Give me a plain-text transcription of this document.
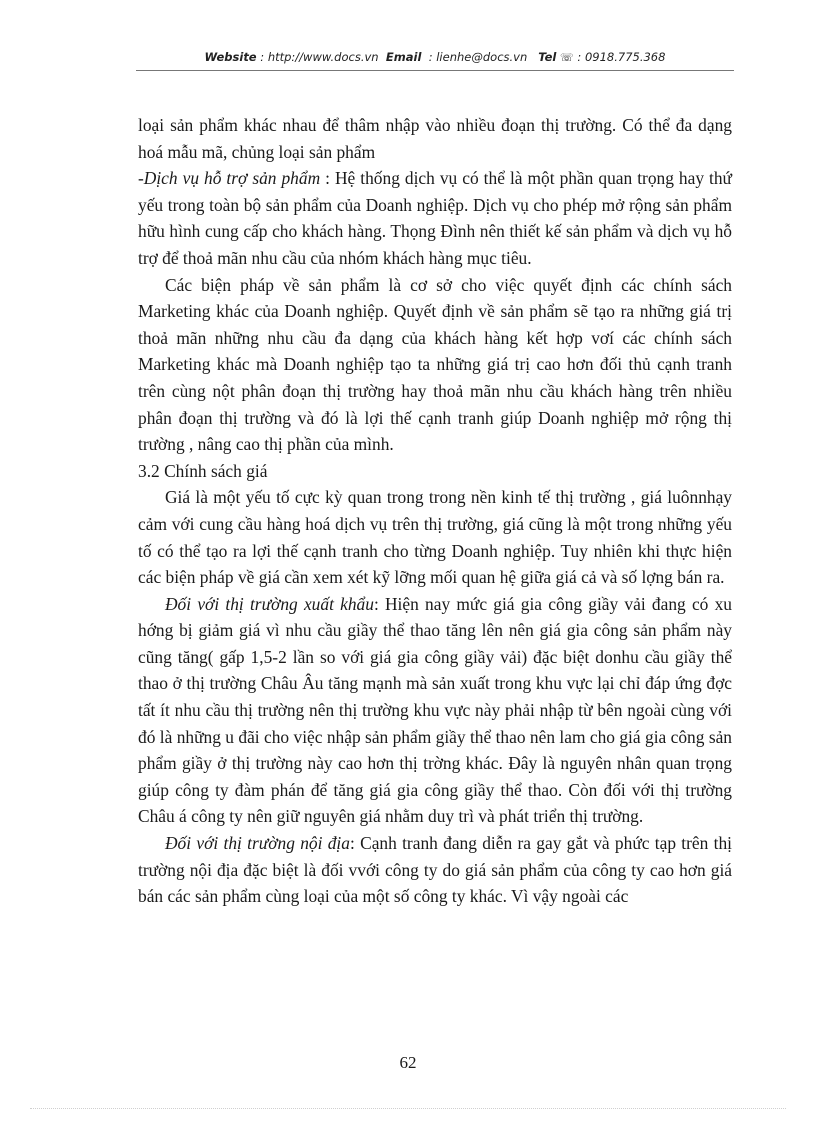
Website : http://www.docs.vn Email  : lienhe@docs.vn Tel ☏ : 0918.775.368

loại sản phẩm khác nhau để thâm nhập vào nhiều đoạn thị trường. Có thể đa dạng hoá mẫu mã, chủng loại sản phẩm

-Dịch vụ hỗ trợ sản phẩm : Hệ thống dịch vụ có thể là một phần quan trọng hay thứ yếu trong toàn bộ sản phẩm của Doanh nghiệp. Dịch vụ cho phép mở rộng sản phẩm hữu hình cung cấp cho khách hàng. Thọng Đình nên thiết kế sản phẩm và dịch vụ hỗ trợ để thoả mãn nhu cầu của nhóm khách hàng mục tiêu.

Các biện pháp về sản phẩm là cơ sở cho việc quyết định các chính sách Marketing khác của Doanh nghiệp. Quyết định về sản phẩm sẽ tạo ra những giá trị thoả mãn những nhu cầu đa dạng của khách hàng kết hợp vơí các chính sách Marketing khác mà Doanh nghiệp tạo ta những giá trị cao hơn đối thủ cạnh tranh trên cùng nột phân đoạn thị trường hay thoả mãn nhu cầu khách hàng trên nhiều phân đoạn thị trường và đó là lợi thế cạnh tranh giúp Doanh nghiệp mở rộng thị trường , nâng cao thị phần của mình.

3.2 Chính sách giá

Giá là một yếu tố cực kỳ quan trong trong nền kinh tế thị trường , giá luônnhạy cảm với cung cầu hàng hoá dịch vụ trên thị trường, giá cũng là một trong những yếu tố có thể tạo ra lợi thế cạnh tranh cho từng Doanh nghiệp. Tuy nhiên khi thực hiện các biện pháp về giá cần xem xét kỹ lỡng mối quan hệ giữa giá cả và số lợng bán ra.

Đối với thị trường xuất khẩu: Hiện nay mức giá gia công giầy vải đang có xu hớng bị giảm giá vì nhu cầu giầy thể thao tăng lên nên giá gia công sản phẩm này cũng tăng( gấp 1,5-2 lần so với giá gia công giầy vải) đặc biệt donhu cầu giầy thể thao ở thị trường Châu Âu tăng mạnh mà sản xuất trong khu vực lại chỉ đáp ứng đợc tất ít nhu cầu thị trường nên thị trường khu vực này phải nhập từ bên ngoài cùng với đó là những u đãi cho việc nhập sản phẩm giầy thể thao nên lam cho giá gia công sản phẩm giầy ở thị trường này cao hơn thị trờng khác. Đây là nguyên nhân quan trọng giúp công ty đàm phán để tăng giá gia công giầy thể thao. Còn đối với thị trường Châu á công ty nên giữ nguyên giá nhằm duy trì và phát triển thị trường.

Đối với thị trường nội địa: Cạnh tranh đang diễn ra gay gắt và phức tạp trên thị trường nội địa đặc biệt là đối vvới công ty do giá sản phẩm của công ty cao hơn giá bán các sản phẩm cùng loại của một số công ty khác. Vì vậy ngoài các

62
